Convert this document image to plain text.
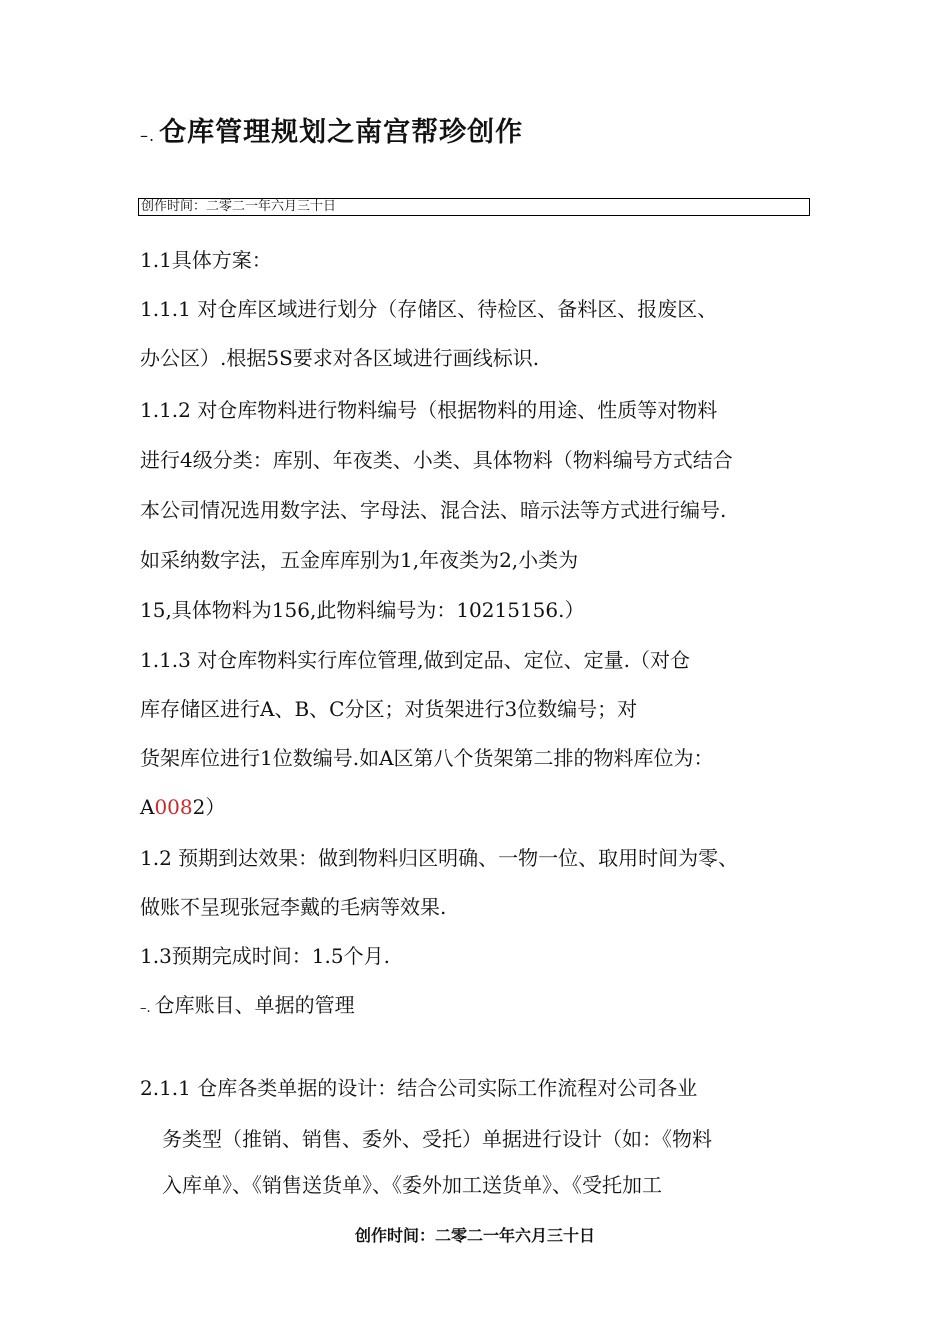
–. 仓库管理规划之南宫帮珍创作
创作时间：二零二一年六月三十日
1.1具体方案：
1.1.1 对仓库区域进行划分（存储区、待检区、备料区、报废区、
办公区）.根据5S要求对各区域进行画线标识.
1.1.2 对仓库物料进行物料编号（根据物料的用途、性质等对物料
进行4级分类：库别、年夜类、小类、具体物料（物料编号方式结合
本公司情况选用数字法、字母法、混合法、暗示法等方式进行编号.
如采纳数字法，五金库库别为1,年夜类为2,小类为
15,具体物料为156,此物料编号为：10215156.）
1.1.3 对仓库物料实行库位管理,做到定品、定位、定量.（对仓
库存储区进行A、B、C分区；对货架进行3位数编号；对
货架库位进行1位数编号.如A区第八个货架第二排的物料库位为：
A0082）
1.2 预期到达效果：做到物料归区明确、一物一位、取用时间为零、
做账不呈现张冠李戴的毛病等效果.
1.3预期完成时间：1.5个月.
–. 仓库账目、单据的管理
2.1.1 仓库各类单据的设计：结合公司实际工作流程对公司各业
务类型（推销、销售、委外、受托）单据进行设计（如：《物料
入库单》、《销售送货单》、《委外加工送货单》、《受托加工
创作时间：二零二一年六月三十日
